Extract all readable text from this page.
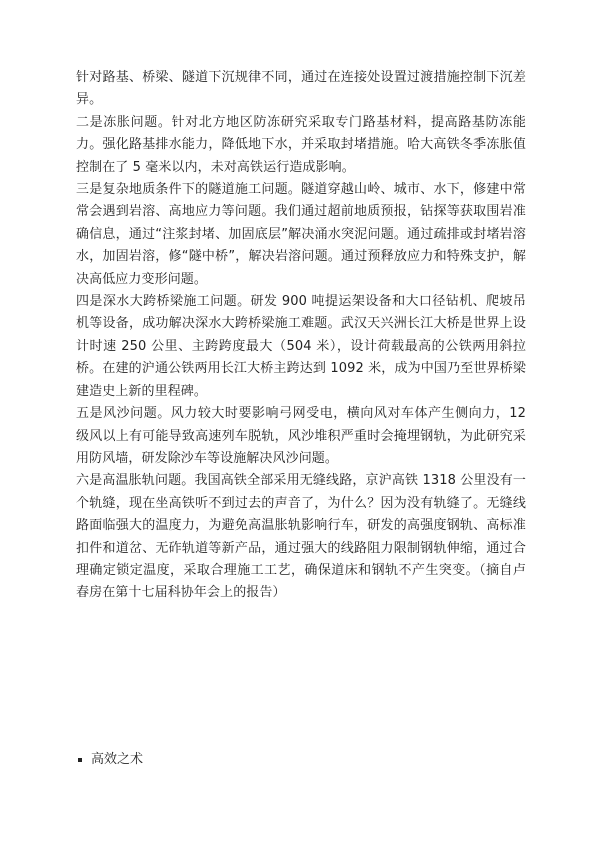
针对路基、桥梁、隧道下沉规律不同，通过在连接处设置过渡措施控制下沉差异。

二是冻胀问题。针对北方地区防冻研究采取专门路基材料，提高路基防冻能力。强化路基排水能力，降低地下水，并采取封堵措施。哈大高铁冬季冻胀值控制在了 5 毫米以内，未对高铁运行造成影响。

三是复杂地质条件下的隧道施工问题。隧道穿越山岭、城市、水下，修建中常常会遇到岩溶、高地应力等问题。我们通过超前地质预报，钻探等获取围岩准确信息，通过“注浆封堵、加固底层”解决涌水突泥问题。通过疏排或封堵岩溶水，加固岩溶，修“隧中桥”，解决岩溶问题。通过预释放应力和特殊支护，解决高低应力变形问题。

四是深水大跨桥梁施工问题。研发 900 吨提运架设备和大口径钻机、爬坡吊机等设备，成功解决深水大跨桥梁施工难题。武汉天兴洲长江大桥是世界上设计时速 250 公里、主跨跨度最大（504 米），设计荷载最高的公铁两用斜拉桥。在建的沪通公铁两用长江大桥主跨达到 1092 米，成为中国乃至世界桥梁建造史上新的里程碑。

五是风沙问题。风力较大时要影响弓网受电，横向风对车体产生侧向力，12 级风以上有可能导致高速列车脱轨，风沙堆积严重时会掩埋钢轨，为此研究采用防风墙，研发除沙车等设施解决风沙问题。

六是高温胀轨问题。我国高铁全部采用无缝线路，京沪高铁 1318 公里没有一个轨缝，现在坐高铁听不到过去的声音了，为什么？因为没有轨缝了。无缝线路面临强大的温度力，为避免高温胀轨影响行车，研发的高强度钢轨、高标准扣件和道岔、无砟轨道等新产品，通过强大的线路阻力限制钢轨伸缩，通过合理确定锁定温度，采取合理施工工艺，确保道床和钢轨不产生突变。（摘自卢春房在第十七届科协年会上的报告）

高效之术
